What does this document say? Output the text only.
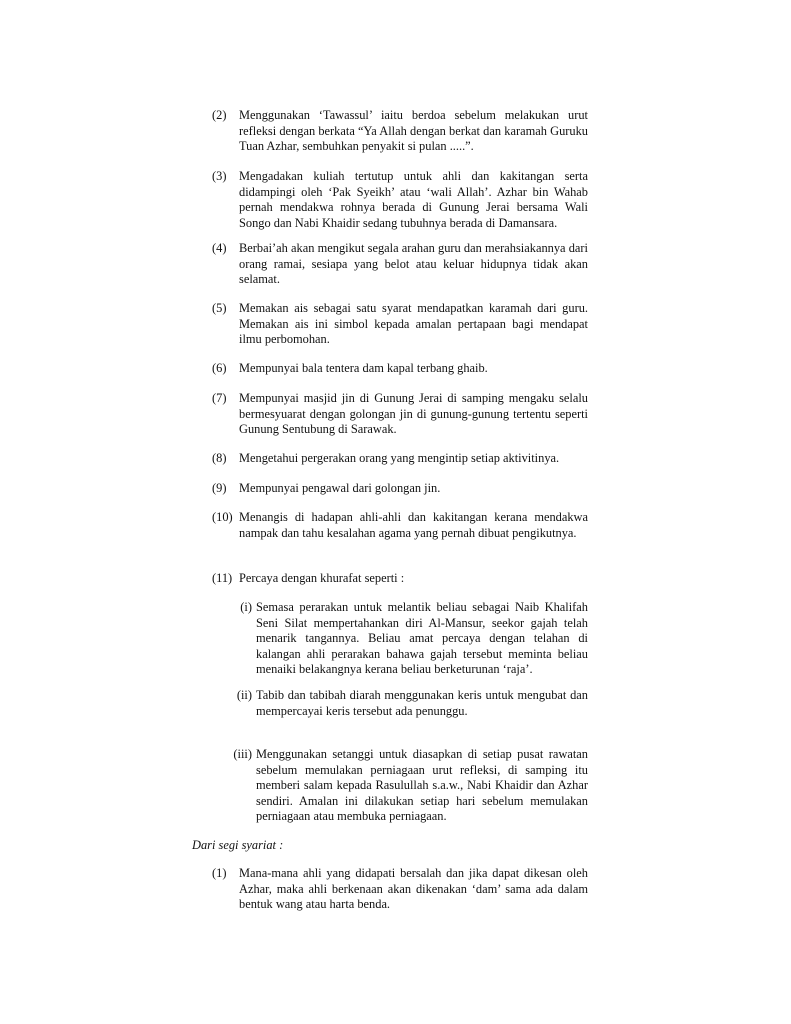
(2) Menggunakan ‘Tawassul’ iaitu berdoa sebelum melakukan urut refleksi dengan berkata “Ya Allah dengan berkat dan karamah Guruku Tuan Azhar, sembuhkan penyakit si pulan .....”.
(3) Mengadakan kuliah tertutup untuk ahli dan kakitangan serta didampingi oleh ‘Pak Syeikh’ atau ‘wali Allah’. Azhar bin Wahab pernah mendakwa rohnya berada di Gunung Jerai bersama Wali Songo dan Nabi Khaidir sedang tubuhnya berada di Damansara.
(4) Berbai’ah akan mengikut segala arahan guru dan merahsiakannya dari orang ramai, sesiapa yang belot atau keluar hidupnya tidak akan selamat.
(5) Memakan ais sebagai satu syarat mendapatkan karamah dari guru. Memakan ais ini simbol kepada amalan pertapaan bagi mendapat ilmu perbomohan.
(6) Mempunyai bala tentera dam kapal terbang ghaib.
(7) Mempunyai masjid jin di Gunung Jerai di samping mengaku selalu bermesyuarat dengan golongan jin di gunung-gunung tertentu seperti Gunung Sentubung di Sarawak.
(8) Mengetahui pergerakan orang yang mengintip setiap aktivitinya.
(9) Mempunyai pengawal dari golongan jin.
(10) Menangis di hadapan ahli-ahli dan kakitangan kerana mendakwa nampak dan tahu kesalahan agama yang pernah dibuat pengikutnya.
(11) Percaya dengan khurafat seperti :
(i) Semasa perarakan untuk melantik beliau sebagai Naib Khalifah Seni Silat mempertahankan diri Al-Mansur, seekor gajah telah menarik tangannya. Beliau amat percaya dengan telahan di kalangan ahli perarakan bahawa gajah tersebut meminta beliau menaiki belakangnya kerana beliau berketurunan ‘raja’.
(ii) Tabib dan tabibah diarah menggunakan keris untuk mengubat dan mempercayai keris tersebut ada penunggu.
(iii) Menggunakan setanggi untuk diasapkan di setiap pusat rawatan sebelum memulakan perniagaan urut refleksi, di samping itu memberi salam kepada Rasulullah s.a.w., Nabi Khaidir dan Azhar sendiri. Amalan ini dilakukan setiap hari sebelum memulakan perniagaan atau membuka perniagaan.
Dari segi syariat :
(1) Mana-mana ahli yang didapati bersalah dan jika dapat dikesan oleh Azhar, maka ahli berkenaan akan dikenakan ‘dam’ sama ada dalam bentuk wang atau harta benda.
